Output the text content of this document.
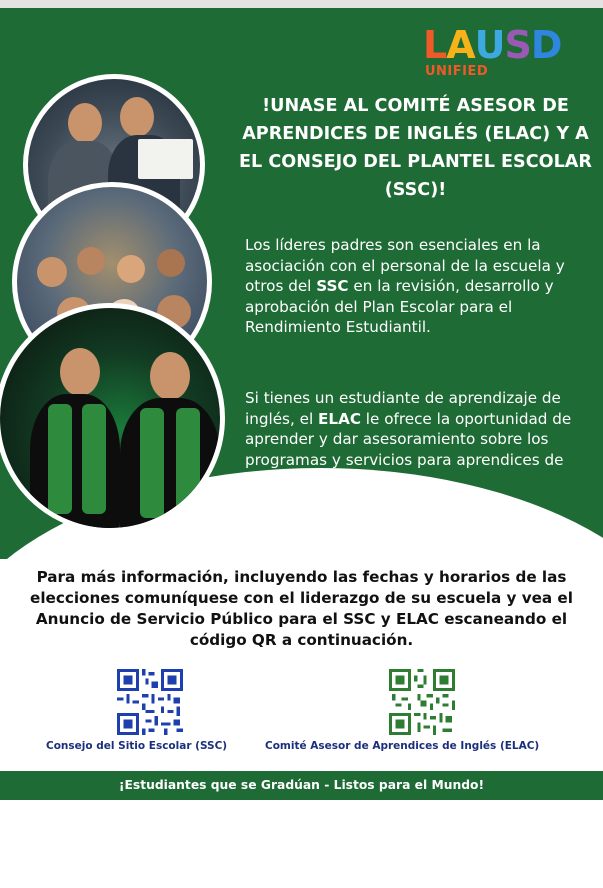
LAUSD
UNIFIED
!UNASE AL COMITÉ ASESOR DE APRENDICES DE INGLÉS (ELAC) Y A EL CONSEJO DEL PLANTEL ESCOLAR (SSC)!
Los líderes padres son esenciales en la asociación con el personal de la escuela y otros del SSC en la revisión, desarrollo y aprobación del Plan Escolar para el Rendimiento Estudiantil.
Si tienes un estudiante de aprendizaje de inglés, el ELAC le ofrece la oportunidad de aprender y dar asesoramiento sobre los programas y servicios para aprendices de inglés.
Para más información, incluyendo las fechas y horarios de las elecciones comuníquese con el liderazgo de su escuela y vea el Anuncio de Servicio Público para el SSC y ELAC escaneando el código QR a continuación.
Consejo del Sitio Escolar (SSC)	Comité Asesor de Aprendices de Inglés (ELAC)
¡Estudiantes que se Gradúan - Listos para el Mundo!
